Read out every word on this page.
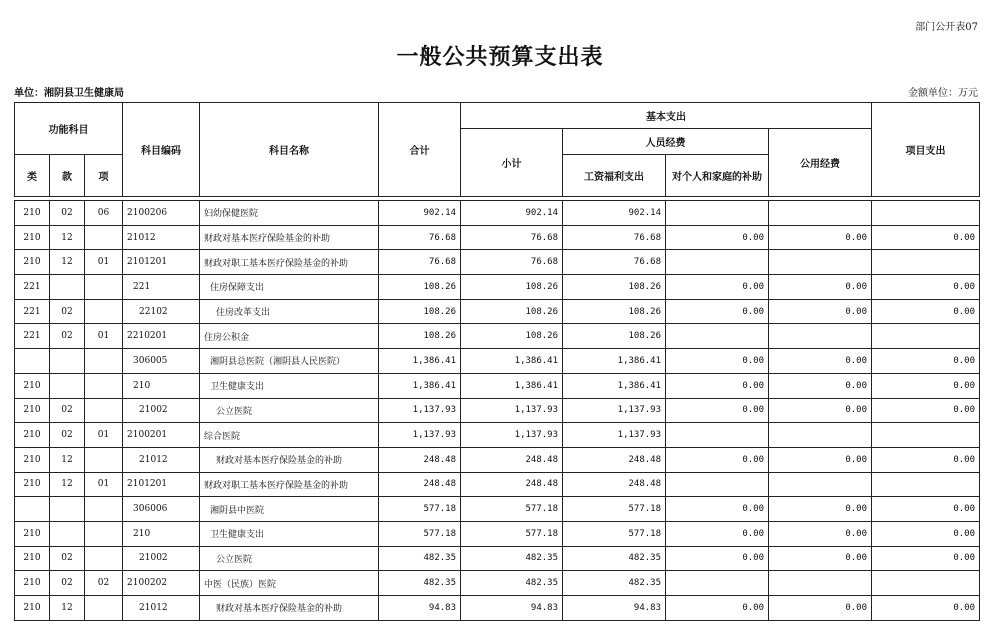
部门公开表07
一般公共预算支出表
单位：湘阴县卫生健康局	金额单位：万元
功能科目			科目编码	科目名称	合计	基本支出				项目支出
						小计	人员经费		公用经费	
类	款	项					工资福利支出	对个人和家庭的补助		

210	02	06	2100206	妇幼保健医院	902.14	902.14	902.14			
210	12		21012	财政对基本医疗保险基金的补助	76.68	76.68	76.68	0.00	0.00	0.00
210	12	01	2101201	财政对职工基本医疗保险基金的补助	76.68	76.68	76.68			
221			221	住房保障支出	108.26	108.26	108.26	0.00	0.00	0.00
221	02		22102	住房改革支出	108.26	108.26	108.26	0.00	0.00	0.00
221	02	01	2210201	住房公积金	108.26	108.26	108.26			
			306005	湘阴县总医院（湘阴县人民医院）	1,386.41	1,386.41	1,386.41	0.00	0.00	0.00
210			210	卫生健康支出	1,386.41	1,386.41	1,386.41	0.00	0.00	0.00
210	02		21002	公立医院	1,137.93	1,137.93	1,137.93	0.00	0.00	0.00
210	02	01	2100201	综合医院	1,137.93	1,137.93	1,137.93			
210	12		21012	财政对基本医疗保险基金的补助	248.48	248.48	248.48	0.00	0.00	0.00
210	12	01	2101201	财政对职工基本医疗保险基金的补助	248.48	248.48	248.48			
			306006	湘阴县中医院	577.18	577.18	577.18	0.00	0.00	0.00
210			210	卫生健康支出	577.18	577.18	577.18	0.00	0.00	0.00
210	02		21002	公立医院	482.35	482.35	482.35	0.00	0.00	0.00
210	02	02	2100202	中医（民族）医院	482.35	482.35	482.35			
210	12		21012	财政对基本医疗保险基金的补助	94.83	94.83	94.83	0.00	0.00	0.00
